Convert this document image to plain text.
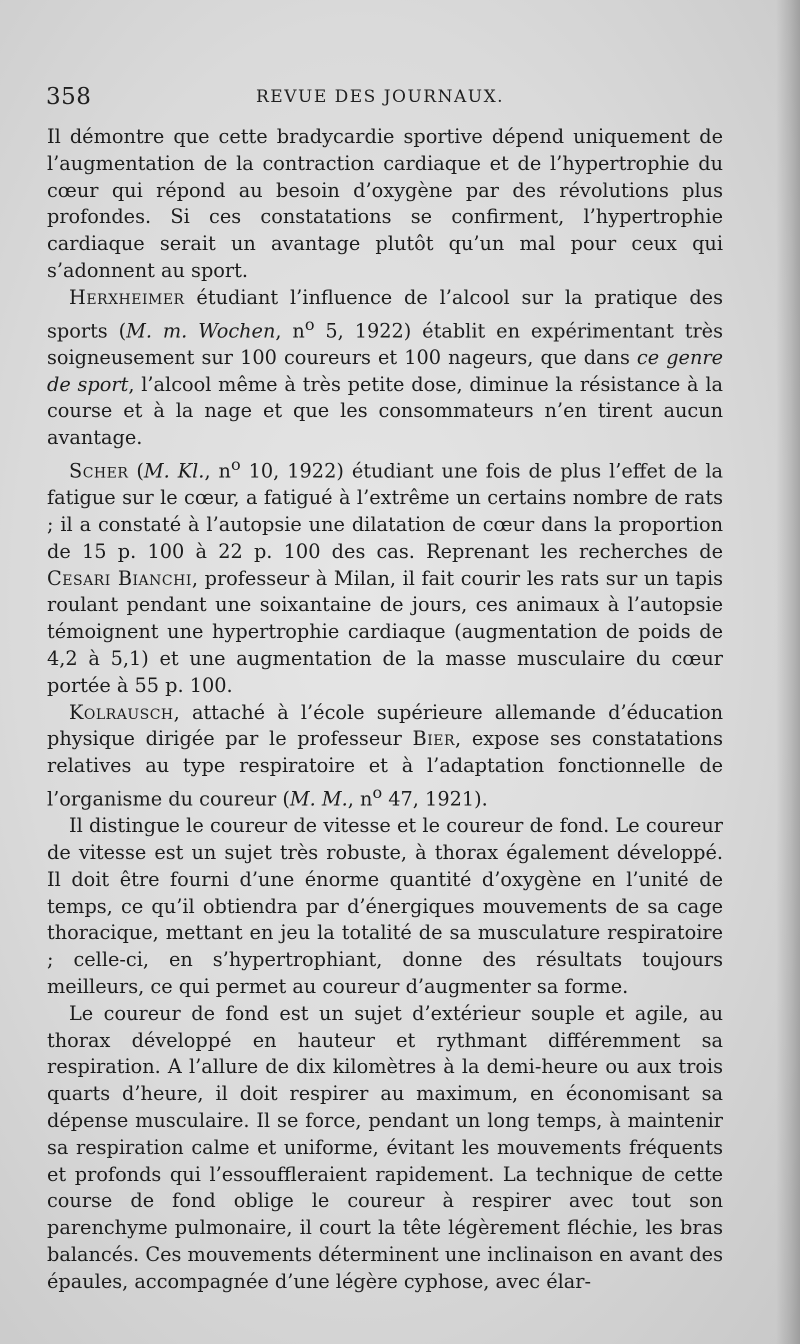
358	REVUE DES JOURNAUX.

Il démontre que cette bradycardie sportive dépend uniquement de l’augmentation de la contraction cardiaque et de l’hypertrophie du cœur qui répond au besoin d’oxygène par des révolutions plus profondes. Si ces constatations se confirment, l’hypertrophie cardiaque serait un avantage plutôt qu’un mal pour ceux qui s’adonnent au sport.

Herxheimer étudiant l’influence de l’alcool sur la pratique des sports (M. m. Wochen, $n^o$ 5, 1922) établit en expérimentant très soigneusement sur 100 coureurs et 100 nageurs, que dans ce genre de sport, l’alcool même à très petite dose, diminue la résistance à la course et à la nage et que les consommateurs n’en tirent aucun avantage.

Scher (M. Kl., $n^o$ 10, 1922) étudiant une fois de plus l’effet de la fatigue sur le cœur, a fatigué à l’extrême un certains nombre de rats ; il a constaté à l’autopsie une dilatation de cœur dans la proportion de 15 p. 100 à 22 p. 100 des cas. Reprenant les recherches de Cesari Bianchi, professeur à Milan, il fait courir les rats sur un tapis roulant pendant une soixantaine de jours, ces animaux à l’autopsie témoignent une hypertrophie cardiaque (augmentation de poids de 4,2 à 5,1) et une augmentation de la masse musculaire du cœur portée à 55 p. 100.

Kolrausch, attaché à l’école supérieure allemande d’éducation physique dirigée par le professeur Bier, expose ses constatations relatives au type respiratoire et à l’adaptation fonctionnelle de l’organisme du coureur (M. M., $n^o$ 47, 1921).

Il distingue le coureur de vitesse et le coureur de fond. Le coureur de vitesse est un sujet très robuste, à thorax également développé. Il doit être fourni d’une énorme quantité d’oxygène en l’unité de temps, ce qu’il obtiendra par d’énergiques mouvements de sa cage thoracique, mettant en jeu la totalité de sa musculature respiratoire ; celle-ci, en s’hypertrophiant, donne des résultats toujours meilleurs, ce qui permet au coureur d’augmenter sa forme.

Le coureur de fond est un sujet d’extérieur souple et agile, au thorax développé en hauteur et rythmant différemment sa respiration. A l’allure de dix kilomètres à la demi-heure ou aux trois quarts d’heure, il doit respirer au maximum, en économisant sa dépense musculaire. Il se force, pendant un long temps, à maintenir sa respiration calme et uniforme, évitant les mouvements fréquents et profonds qui l’essouffleraient rapidement. La technique de cette course de fond oblige le coureur à respirer avec tout son parenchyme pulmonaire, il court la tête légèrement fléchie, les bras balancés. Ces mouvements déterminent une inclinaison en avant des épaules, accompagnée d’une légère cyphose, avec élar-
